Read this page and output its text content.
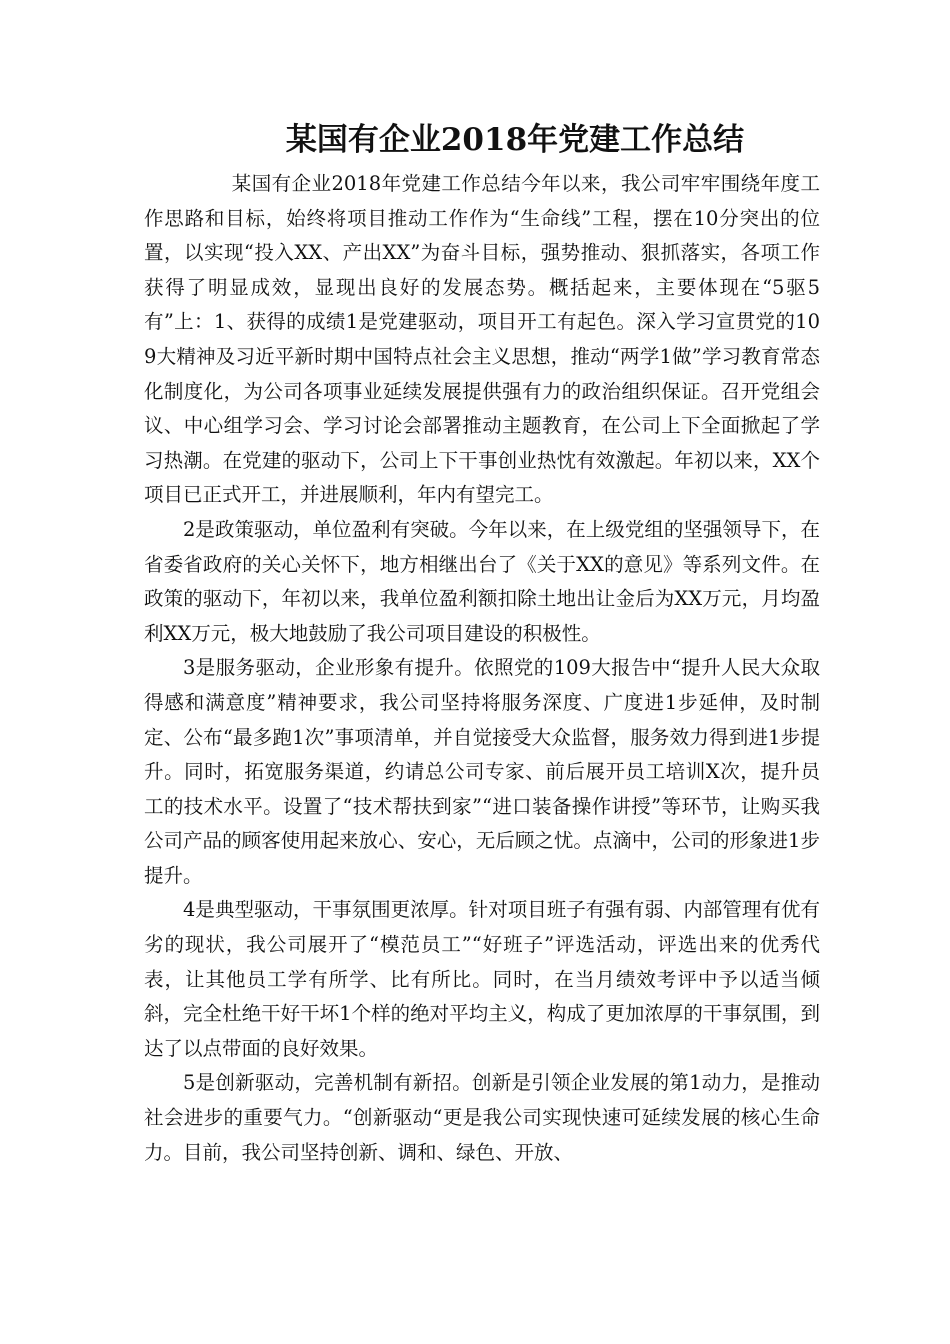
某国有企业2018年党建工作总结

某国有企业2018年党建工作总结今年以来，我公司牢牢围绕年度工作思路和目标，始终将项目推动工作作为“生命线”工程，摆在10分突出的位置，以实现“投入XX、产出XX”为奋斗目标，强势推动、狠抓落实，各项工作获得了明显成效，显现出良好的发展态势。概括起来，主要体现在“5驱5有”上：1、获得的成绩1是党建驱动，项目开工有起色。深入学习宣贯党的109大精神及习近平新时期中国特点社会主义思想，推动“两学1做”学习教育常态化制度化，为公司各项事业延续发展提供强有力的政治组织保证。召开党组会议、中心组学习会、学习讨论会部署推动主题教育，在公司上下全面掀起了学习热潮。在党建的驱动下，公司上下干事创业热忱有效激起。年初以来，XX个项目已正式开工，并进展顺利，年内有望完工。

2是政策驱动，单位盈利有突破。今年以来，在上级党组的坚强领导下，在省委省政府的关心关怀下，地方相继出台了《关于XX的意见》等系列文件。在政策的驱动下，年初以来，我单位盈利额扣除土地出让金后为XX万元，月均盈利XX万元，极大地鼓励了我公司项目建设的积极性。

3是服务驱动，企业形象有提升。依照党的109大报告中“提升人民大众取得感和满意度”精神要求，我公司坚持将服务深度、广度进1步延伸，及时制定、公布“最多跑1次”事项清单，并自觉接受大众监督，服务效力得到进1步提升。同时，拓宽服务渠道，约请总公司专家、前后展开员工培训X次，提升员工的技术水平。设置了“技术帮扶到家”“进口装备操作讲授”等环节，让购买我公司产品的顾客使用起来放心、安心，无后顾之忧。点滴中，公司的形象进1步提升。

4是典型驱动，干事氛围更浓厚。针对项目班子有强有弱、内部管理有优有劣的现状，我公司展开了“模范员工”“好班子”评选活动，评选出来的优秀代表，让其他员工学有所学、比有所比。同时，在当月绩效考评中予以适当倾斜，完全杜绝干好干坏1个样的绝对平均主义，构成了更加浓厚的干事氛围，到达了以点带面的良好效果。

5是创新驱动，完善机制有新招。创新是引领企业发展的第1动力，是推动社会进步的重要气力。“创新驱动“更是我公司实现快速可延续发展的核心生命力。目前，我公司坚持创新、调和、绿色、开放、
